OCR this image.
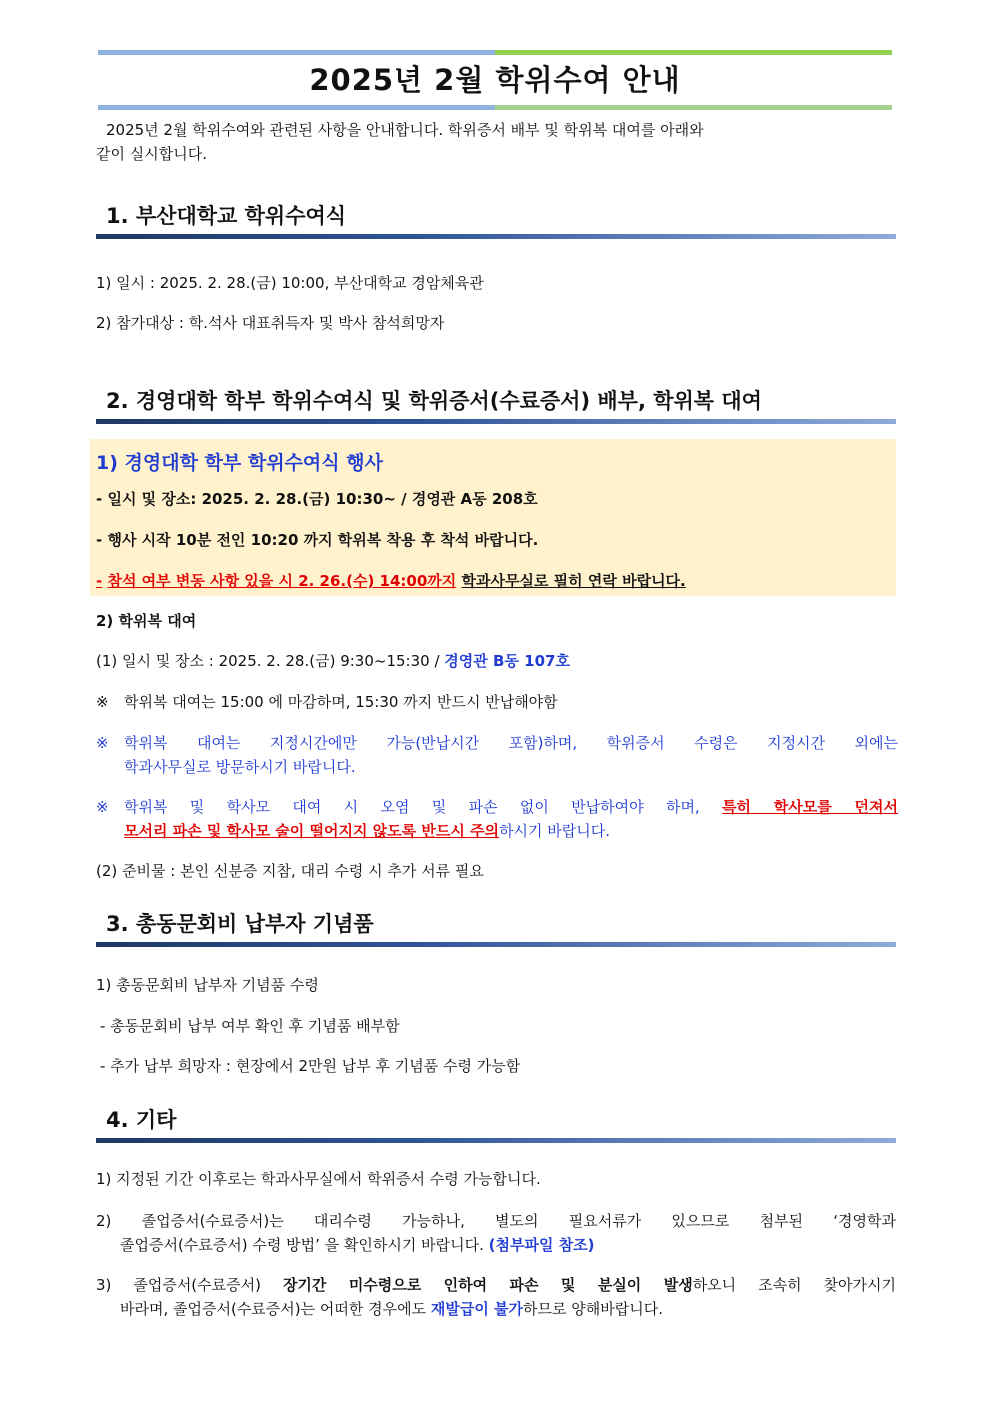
2025년 2월 학위수여 안내
2025년 2월 학위수여와 관련된 사항을 안내합니다. 학위증서 배부 및 학위복 대여를 아래와
같이 실시합니다.
1. 부산대학교 학위수여식
1) 일시 : 2025. 2. 28.(금) 10:00, 부산대학교 경암체육관
2) 참가대상 : 학.석사 대표취득자 및 박사 참석희망자
2. 경영대학 학부 학위수여식 및 학위증서(수료증서) 배부, 학위복 대여
1) 경영대학 학부 학위수여식 행사
- 일시 및 장소: 2025. 2. 28.(금) 10:30~ / 경영관 A동 208호
- 행사 시작 10분 전인 10:20 까지 학위복 착용 후 착석 바랍니다.
- 참석 여부 변동 사항 있을 시 2. 26.(수) 14:00까지 학과사무실로 필히 연락 바랍니다.
2) 학위복 대여
(1) 일시 및 장소 : 2025. 2. 28.(금) 9:30~15:30 / 경영관 B동 107호
※	학위복 대여는 15:00 에 마감하며, 15:30 까지 반드시 반납해야함
※	학위복 대여는 지정시간에만 가능(반납시간 포함)하며, 학위증서 수령은 지정시간 외에는
학과사무실로 방문하시기 바랍니다.
※	학위복 및 학사모 대여 시 오염 및 파손 없이 반납하여야 하며, 특히 학사모를 던져서
모서리 파손 및 학사모 술이 떨어지지 않도록 반드시 주의하시기 바랍니다.
(2) 준비물 : 본인 신분증 지참, 대리 수령 시 추가 서류 필요
3. 총동문회비 납부자 기념품
1) 총동문회비 납부자 기념품 수령
- 총동문회비 납부 여부 확인 후 기념품 배부함
- 추가 납부 희망자 : 현장에서 2만원 납부 후 기념품 수령 가능함
4. 기타
1) 지정된 기간 이후로는 학과사무실에서 학위증서 수령 가능합니다.
2) 졸업증서(수료증서)는 대리수령 가능하나, 별도의 필요서류가 있으므로 첨부된 ‘경영학과
졸업증서(수료증서) 수령 방법’ 을 확인하시기 바랍니다. (첨부파일 참조)
3) 졸업증서(수료증서) 장기간 미수령으로 인하여 파손 및 분실이 발생하오니 조속히 찾아가시기
바라며, 졸업증서(수료증서)는 어떠한 경우에도 재발급이 불가하므로 양해바랍니다.
